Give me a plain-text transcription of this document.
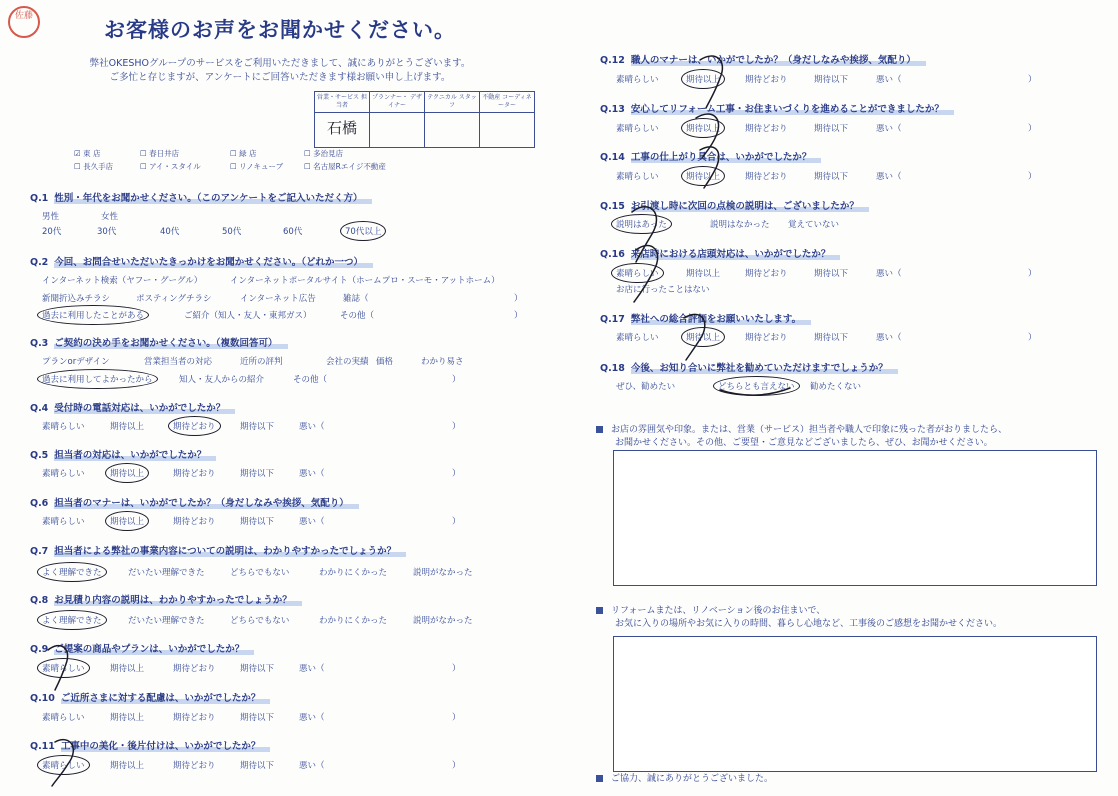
佐藤
お客様のお声をお聞かせください。
弊社OKESHOグループのサービスをご利用いただきまして、誠にありがとうございます。
ご多忙と存じますが、アンケートにご回答いただきます様お願い申し上げます。
営業・サービス 担当者	プランナー・ デザイナー	テクニカル スタッフ	不動産 コーディネーター
石橋			
☑ 東 店	☐ 春日井店	☐ 緑 店	☐ 多治見店
☐ 長久手店	☐ アイ・スタイル	☐ リノキューブ	☐ 名古屋Rエイジ不動産
Q.1 性別・年代をお聞かせください。（このアンケートをご記入いただく方）
男性	女性
20代	30代	40代	50代	60代	70代以上
Q.2 今回、お問合せいただいたきっかけをお聞かせください。（どれか一つ）
インターネット検索（ヤフー・グーグル）	インターネットポータルサイト（ホームプロ・スーモ・アットホーム）
新聞折込みチラシ	ポスティングチラシ	インターネット広告	雑誌（	）
過去に利用したことがある	ご紹介（知人・友人・東邦ガス）	その他（	）
Q.3 ご契約の決め手をお聞かせください。（複数回答可）
プランorデザイン	営業担当者の対応	近所の評判	会社の実績 価格	わかり易さ
過去に利用してよかったから	知人・友人からの紹介	その他（	）
Q.4 受付時の電話対応は、いかがでしたか？
素晴らしい	期待以上	期待どおり	期待以下	悪い（	）
Q.5 担当者の対応は、いかがでしたか？
素晴らしい	期待以上	期待どおり	期待以下	悪い（	）
Q.6 担当者のマナーは、いかがでしたか？（身だしなみや挨拶、気配り）
素晴らしい	期待以上	期待どおり	期待以下	悪い（	）
Q.7 担当者による弊社の事業内容についての説明は、わかりやすかったでしょうか？
よく理解できた	だいたい理解できた	どちらでもない	わかりにくかった	説明がなかった
Q.8 お見積り内容の説明は、わかりやすかったでしょうか？
よく理解できた	だいたい理解できた	どちらでもない	わかりにくかった	説明がなかった
Q.9 ご提案の商品やプランは、いかがでしたか？
素晴らしい	期待以上	期待どおり	期待以下	悪い（	）
Q.10 ご近所さまに対する配慮は、いかがでしたか？
素晴らしい	期待以上	期待どおり	期待以下	悪い（	）
Q.11 工事中の美化・後片付けは、いかがでしたか？
素晴らしい	期待以上	期待どおり	期待以下	悪い（	）
Q.12 職人のマナーは、いかがでしたか？（身だしなみや挨拶、気配り）
素晴らしい	期待以上	期待どおり	期待以下	悪い（	）
Q.13 安心してリフォーム工事・お住まいづくりを進めることができましたか？
素晴らしい	期待以上	期待どおり	期待以下	悪い（	）
Q.14 工事の仕上がり具合は、いかがでしたか？
素晴らしい	期待以上	期待どおり	期待以下	悪い（	）
Q.15 お引渡し時に次回の点検の説明は、ございましたか？
説明はあった	説明はなかった 覚えていない
Q.16 来店時における店頭対応は、いかがでしたか？
素晴らしい	期待以上	期待どおり	期待以下	悪い（	）
お店に行ったことはない
Q.17 弊社への総合評価をお願いいたします。
素晴らしい	期待以上	期待どおり	期待以下	悪い（	）
Q.18 今後、お知り合いに弊社を勧めていただけますでしょうか？
ぜひ、勧めたい	どちらとも言えない 勧めたくない
お店の雰囲気や印象。または、営業（サービス）担当者や職人で印象に残った者がおりましたら、
お聞かせください。その他、ご要望・ご意見などございましたら、ぜひ、お聞かせください。
リフォームまたは、リノベーション後のお住まいで、
お気に入りの場所やお気に入りの時間、暮らし心地など、工事後のご感想をお聞かせください。
ご協力、誠にありがとうございました。
